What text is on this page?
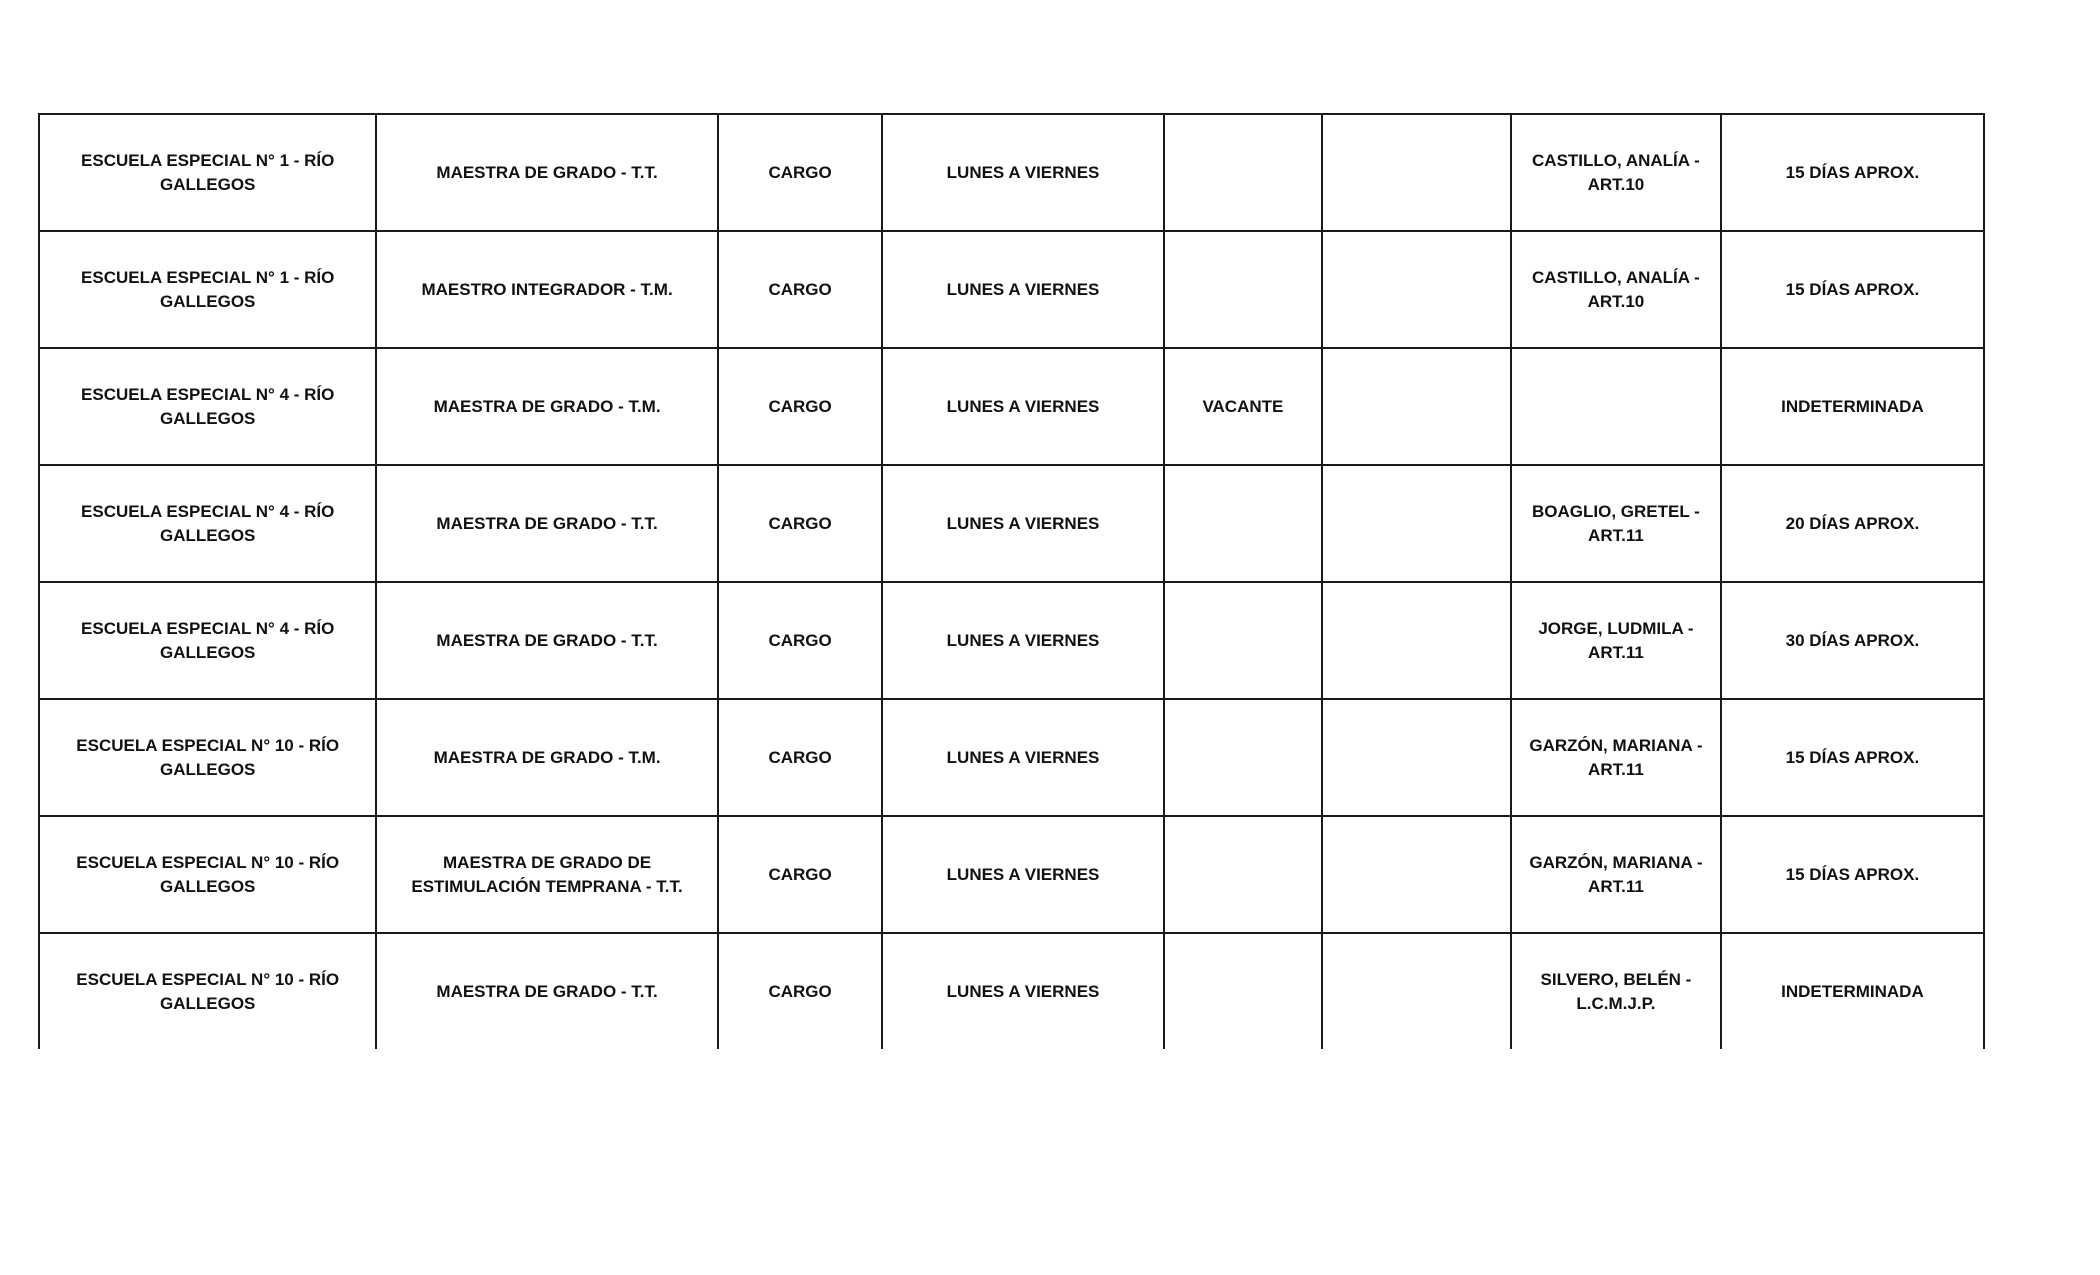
ESCUELA ESPECIAL N° 1 - RÍO GALLEGOS	MAESTRA DE GRADO - T.T.	CARGO	LUNES A VIERNES			CASTILLO, ANALÍA - ART.10	15 DÍAS APROX.
ESCUELA ESPECIAL N° 1 - RÍO GALLEGOS	MAESTRO INTEGRADOR - T.M.	CARGO	LUNES A VIERNES			CASTILLO, ANALÍA - ART.10	15 DÍAS APROX.
ESCUELA ESPECIAL N° 4 - RÍO GALLEGOS	MAESTRA DE GRADO - T.M.	CARGO	LUNES A VIERNES	VACANTE			INDETERMINADA
ESCUELA ESPECIAL N° 4 - RÍO GALLEGOS	MAESTRA DE GRADO - T.T.	CARGO	LUNES A VIERNES			BOAGLIO, GRETEL - ART.11	20 DÍAS APROX.
ESCUELA ESPECIAL N° 4 - RÍO GALLEGOS	MAESTRA DE GRADO - T.T.	CARGO	LUNES A VIERNES			JORGE, LUDMILA - ART.11	30 DÍAS APROX.
ESCUELA ESPECIAL N° 10 - RÍO GALLEGOS	MAESTRA DE GRADO - T.M.	CARGO	LUNES A VIERNES			GARZÓN, MARIANA - ART.11	15 DÍAS APROX.
ESCUELA ESPECIAL N° 10 - RÍO GALLEGOS	MAESTRA DE GRADO DE ESTIMULACIÓN TEMPRANA - T.T.	CARGO	LUNES A VIERNES			GARZÓN, MARIANA - ART.11	15 DÍAS APROX.
ESCUELA ESPECIAL N° 10 - RÍO GALLEGOS	MAESTRA DE GRADO - T.T.	CARGO	LUNES A VIERNES			SILVERO, BELÉN - L.C.M.J.P.	INDETERMINADA
